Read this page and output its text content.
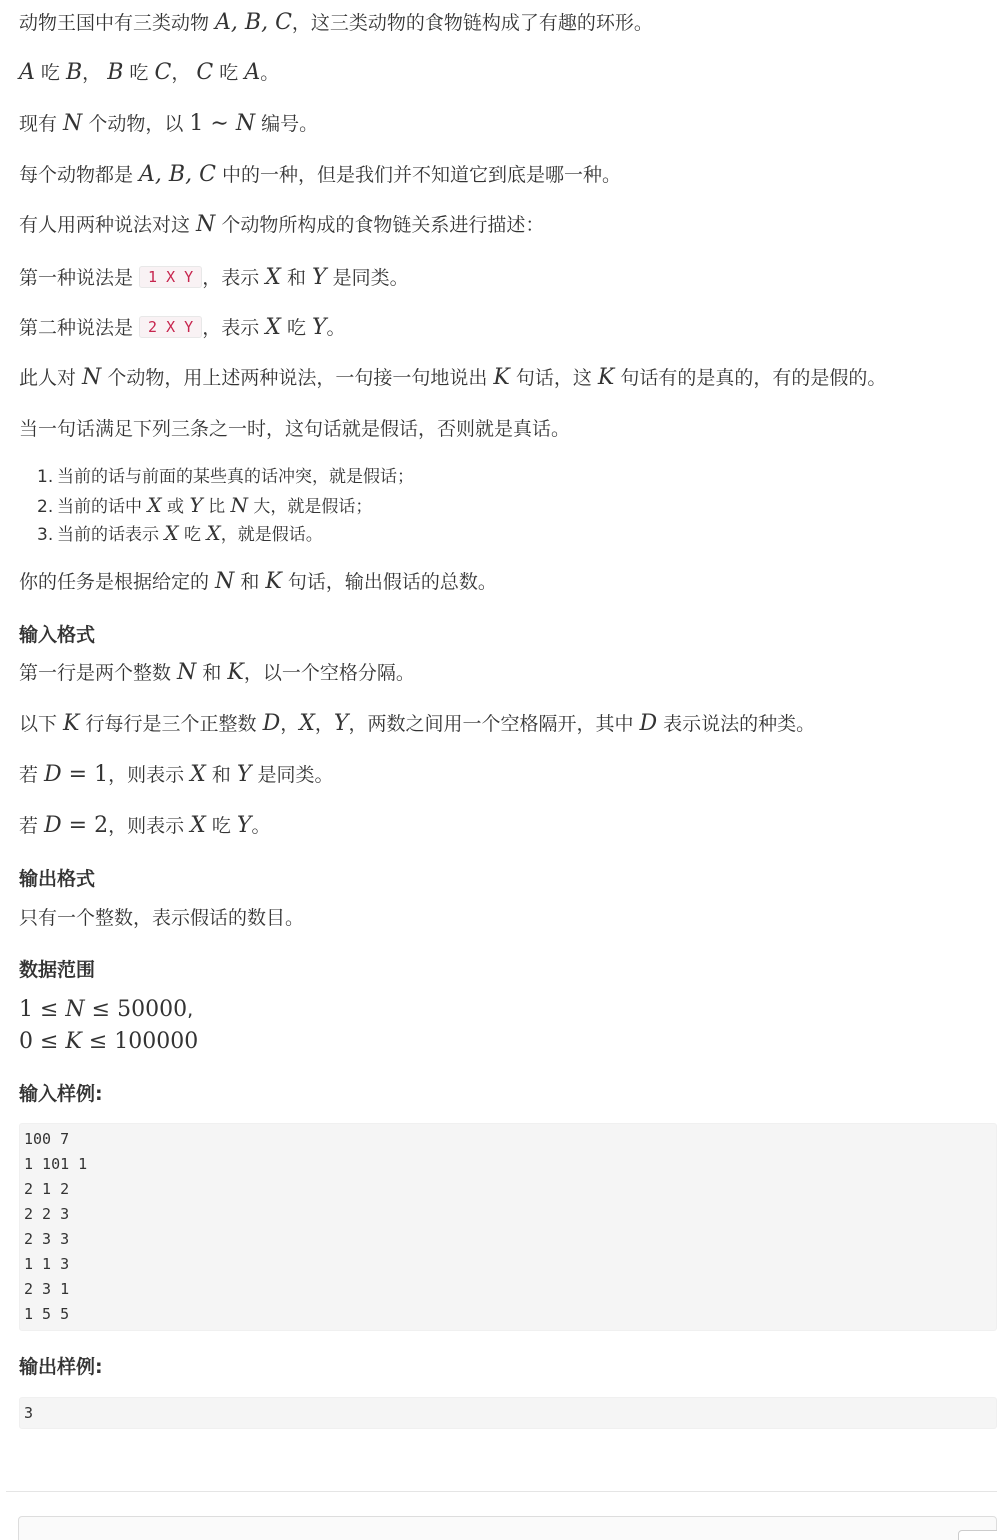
动物王国中有三类动物 A, B, C，这三类动物的食物链构成了有趣的环形。
A 吃 B， B 吃 C， C 吃 A。
现有 N 个动物，以 1 ∼ N 编号。
每个动物都是 A, B, C 中的一种，但是我们并不知道它到底是哪一种。
有人用两种说法对这 N 个动物所构成的食物链关系进行描述：
第一种说法是 1 X Y ，表示 X 和 Y 是同类。
第二种说法是 2 X Y ，表示 X 吃 Y。
此人对 N 个动物，用上述两种说法，一句接一句地说出 K 句话，这 K 句话有的是真的，有的是假的。
当一句话满足下列三条之一时，这句话就是假话，否则就是真话。
1. 当前的话与前面的某些真的话冲突，就是假话；
2. 当前的话中 X 或 Y 比 N 大，就是假话；
3. 当前的话表示 X 吃 X，就是假话。
你的任务是根据给定的 N 和 K 句话，输出假话的总数。
输入格式
第一行是两个整数 N 和 K，以一个空格分隔。
以下 K 行每行是三个正整数 D，X，Y，两数之间用一个空格隔开，其中 D 表示说法的种类。
若 D = 1，则表示 X 和 Y 是同类。
若 D = 2，则表示 X 吃 Y。
输出格式
只有一个整数，表示假话的数目。
数据范围
1 ≤ N ≤ 50000,
0 ≤ K ≤ 100000
输入样例:
100 7
1 101 1
2 1 2
2 2 3
2 3 3
1 1 3
2 3 1
1 5 5
输出样例:
3
